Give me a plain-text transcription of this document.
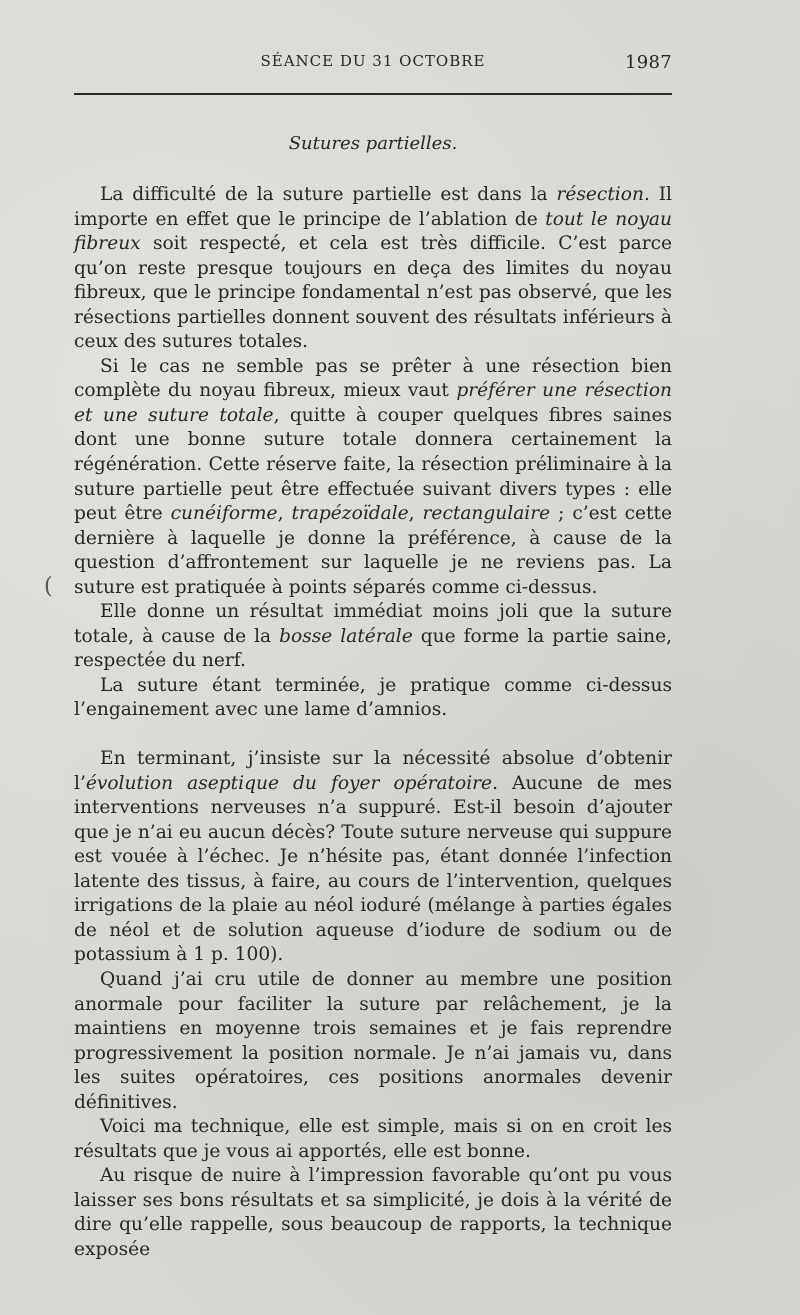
SÉANCE DU 31 OCTOBRE	1987
Sutures partielles.
(

La difficulté de la suture partielle est dans la résection. Il importe en effet que le principe de l’ablation de tout le noyau fibreux soit respecté, et cela est très difficile. C’est parce qu’on reste presque toujours en deça des limites du noyau fibreux, que le principe fondamental n’est pas observé, que les résections partielles donnent souvent des résultats inférieurs à ceux des sutures totales.

Si le cas ne semble pas se prêter à une résection bien complète du noyau fibreux, mieux vaut préférer une résection et une suture totale, quitte à couper quelques fibres saines dont une bonne suture totale donnera certainement la régénération. Cette réserve faite, la résection préliminaire à la suture partielle peut être effectuée suivant divers types : elle peut être cunéiforme, trapézoïdale, rectangulaire ; c’est cette dernière à laquelle je donne la préférence, à cause de la question d’affrontement sur laquelle je ne reviens pas. La suture est pratiquée à points séparés comme ci-dessus.

Elle donne un résultat immédiat moins joli que la suture totale, à cause de la bosse latérale que forme la partie saine, respectée du nerf.

La suture étant terminée, je pratique comme ci-dessus l’engainement avec une lame d’amnios.

En terminant, j’insiste sur la nécessité absolue d’obtenir l’évolution aseptique du foyer opératoire. Aucune de mes interventions nerveuses n’a suppuré. Est-il besoin d’ajouter que je n’ai eu aucun décès? Toute suture nerveuse qui suppure est vouée à l’échec. Je n’hésite pas, étant donnée l’infection latente des tissus, à faire, au cours de l’intervention, quelques irrigations de la plaie au néol ioduré (mélange à parties égales de néol et de solution aqueuse d’iodure de sodium ou de potassium à 1 p. 100).

Quand j’ai cru utile de donner au membre une position anormale pour faciliter la suture par relâchement, je la maintiens en moyenne trois semaines et je fais reprendre progressivement la position normale. Je n’ai jamais vu, dans les suites opératoires, ces positions anormales devenir définitives.

Voici ma technique, elle est simple, mais si on en croit les résultats que je vous ai apportés, elle est bonne.

Au risque de nuire à l’impression favorable qu’ont pu vous laisser ses bons résultats et sa simplicité, je dois à la vérité de dire qu’elle rappelle, sous beaucoup de rapports, la technique exposée
